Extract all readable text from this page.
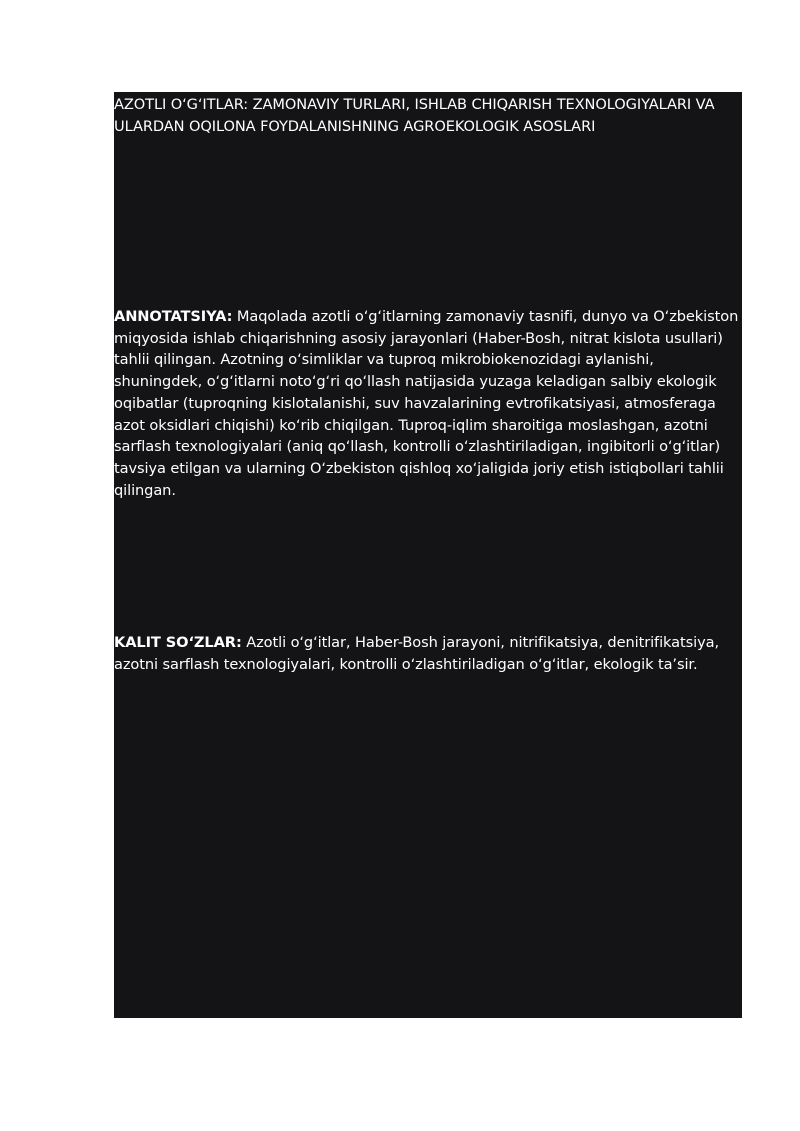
AZOTLI O‘G‘ITLAR: ZAMONAVIY TURLARI, ISHLAB CHIQARISH TEXNOLOGIYALARI VA ULARDAN OQILONA FOYDALANISHNING AGROEKOLOGIK ASOSLARI

ANNOTATSIYA: Maqolada azotli o‘g‘itlarning zamonaviy tasnifi, dunyo va O‘zbekiston miqyosida ishlab chiqarishning asosiy jarayonlari (Haber-Bosh, nitrat kislota usullari) tahlii qilingan. Azotning o‘simliklar va tuproq mikrobiokenozidagi aylanishi, shuningdek, o‘g‘itlarni noto‘g‘ri qo‘llash natijasida yuzaga keladigan salbiy ekologik oqibatlar (tuproqning kislotalanishi, suv havzalarining evtrofikatsiyasi, atmosferaga azot oksidlari chiqishi) ko‘rib chiqilgan. Tuproq-iqlim sharoitiga moslashgan, azotni sarflash texnologiyalari (aniq qo‘llash, kontrolli o‘zlashtiriladigan, ingibitorli o‘g‘itlar) tavsiya etilgan va ularning O‘zbekiston qishloq xo‘jaligida joriy etish istiqbollari tahlii qilingan.

KALIT SO‘ZLAR: Azotli o‘g‘itlar, Haber-Bosh jarayoni, nitrifikatsiya, denitrifikatsiya, azotni sarflash texnologiyalari, kontrolli o‘zlashtiriladigan o‘g‘itlar, ekologik ta’sir.
